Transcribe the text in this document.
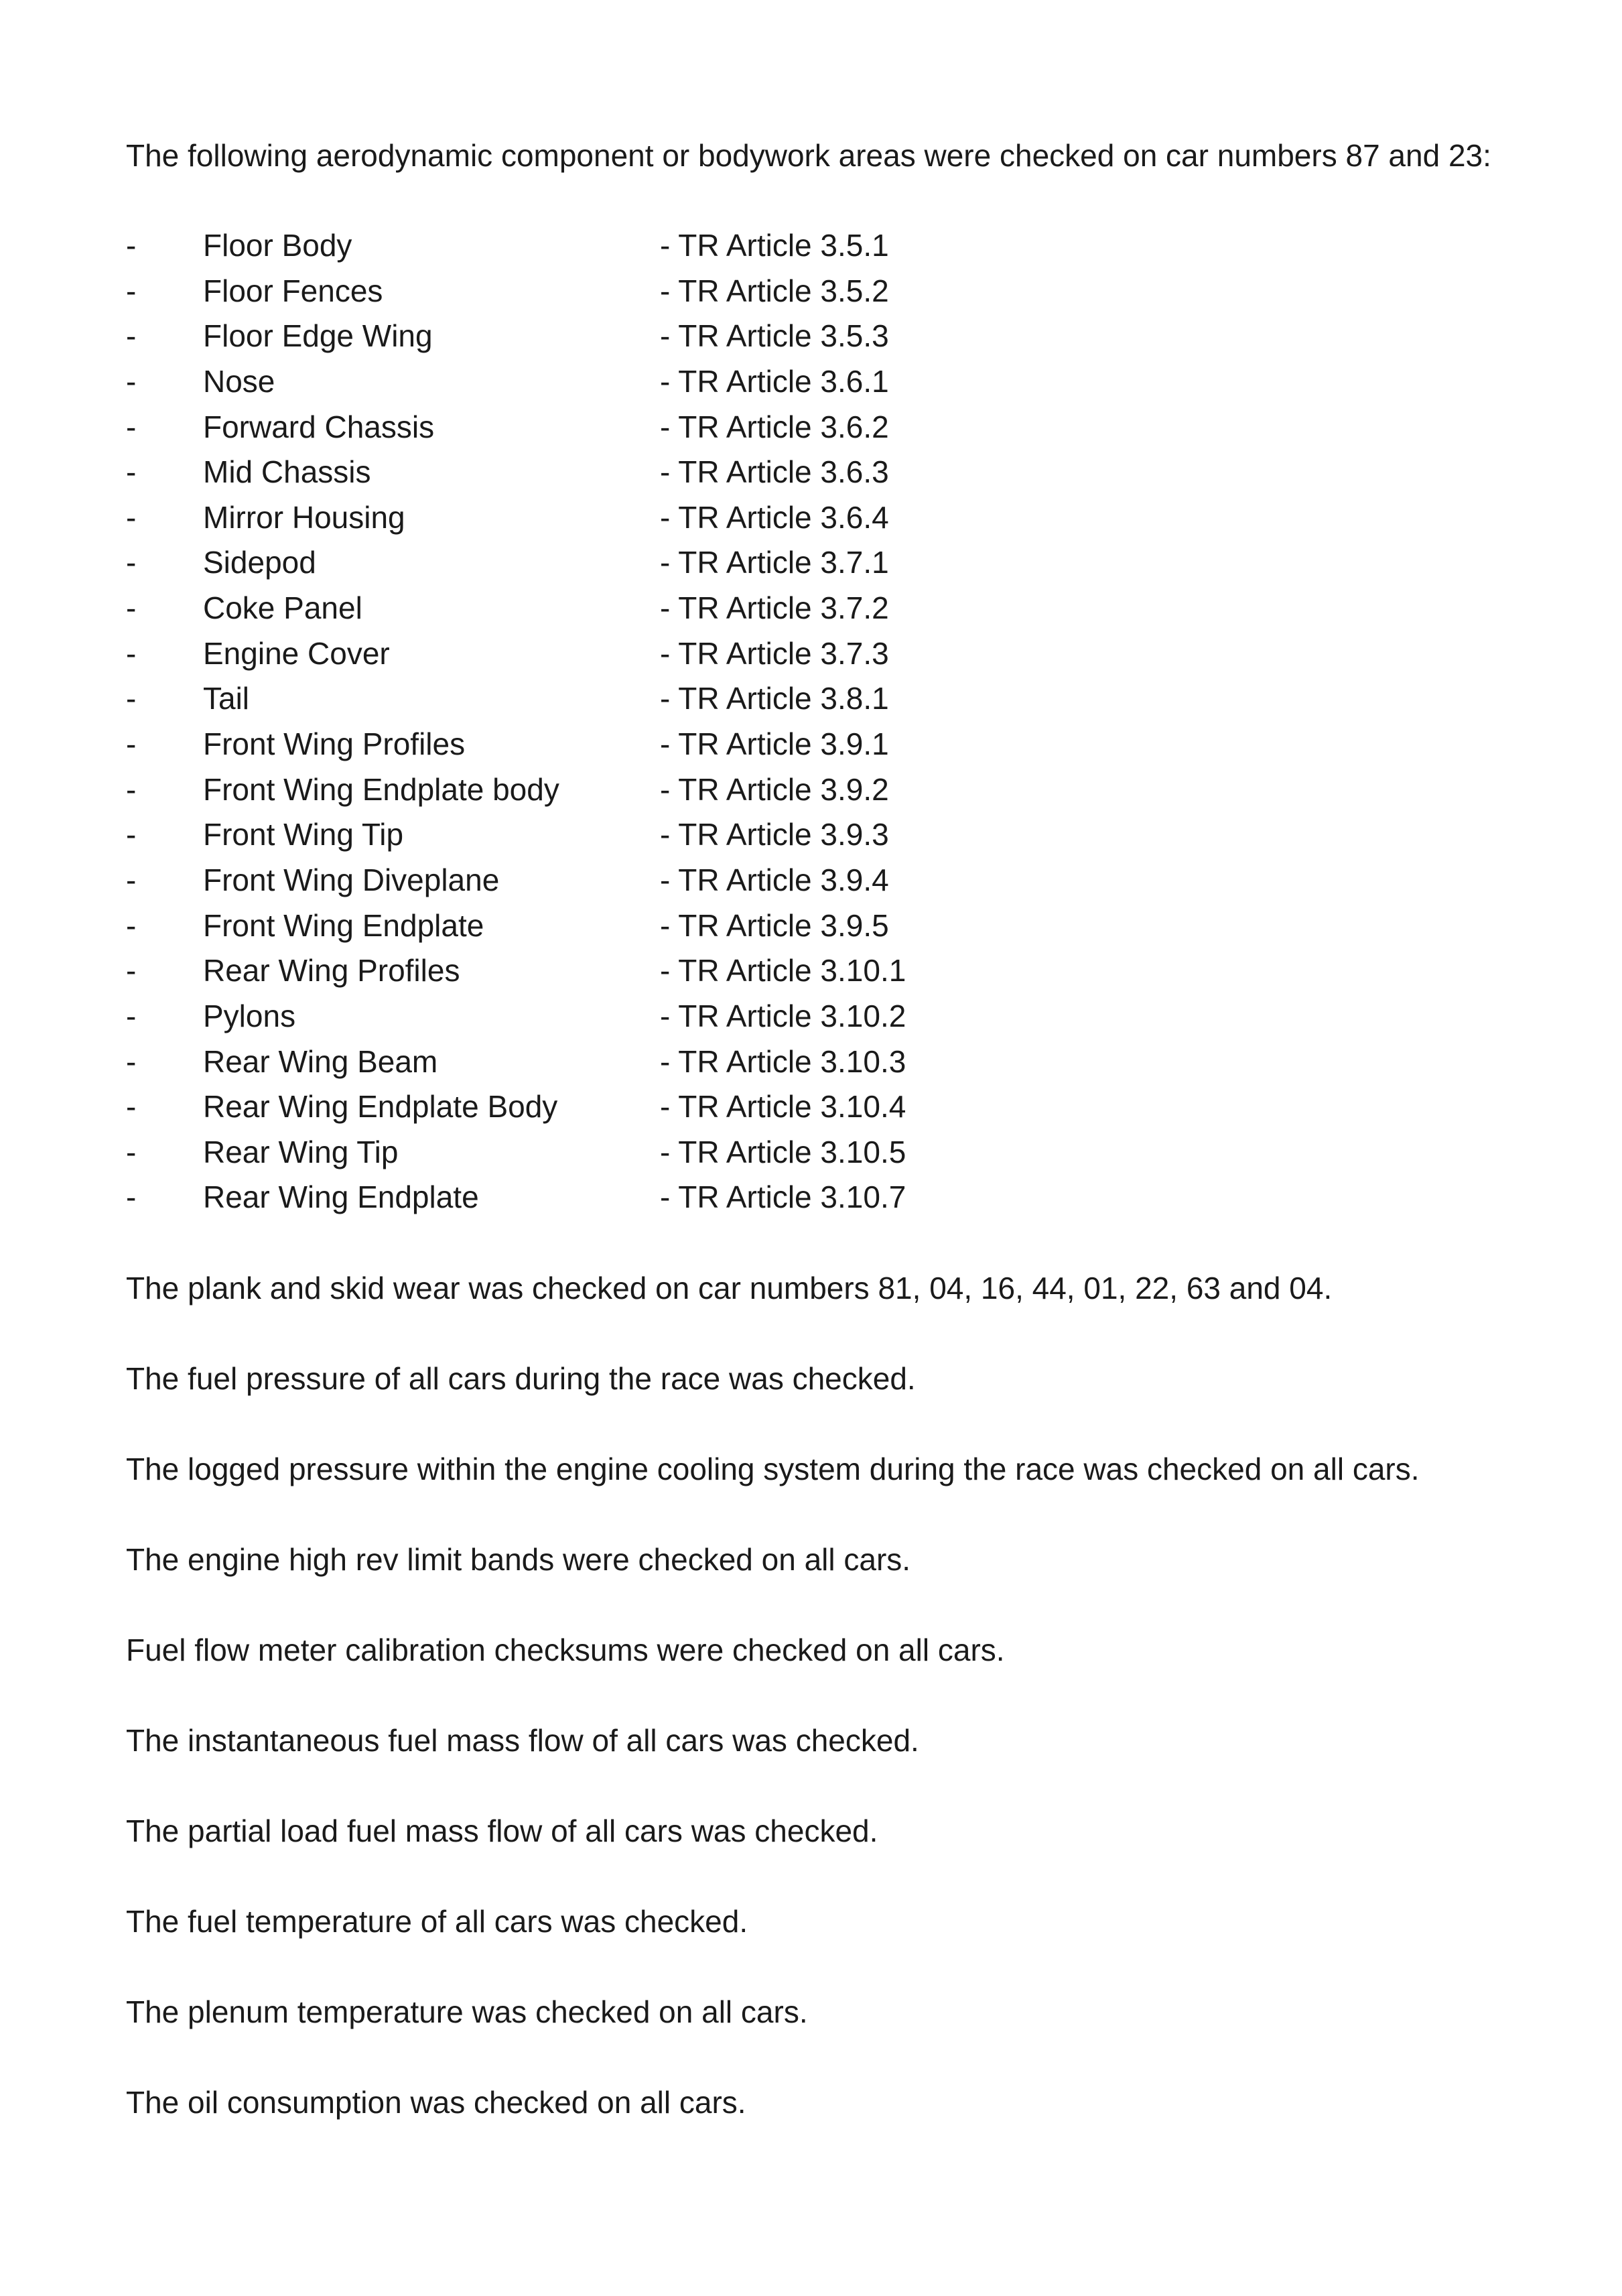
The following aerodynamic component or bodywork areas were checked on car numbers 87 and 23:

- Floor Body	- TR Article 3.5.1
- Floor Fences	- TR Article 3.5.2
- Floor Edge Wing	- TR Article 3.5.3
- Nose	- TR Article 3.6.1
- Forward Chassis	- TR Article 3.6.2
- Mid Chassis	- TR Article 3.6.3
- Mirror Housing	- TR Article 3.6.4
- Sidepod	- TR Article 3.7.1
- Coke Panel	- TR Article 3.7.2
- Engine Cover	- TR Article 3.7.3
- Tail	- TR Article 3.8.1
- Front Wing Profiles	- TR Article 3.9.1
- Front Wing Endplate body	- TR Article 3.9.2
- Front Wing Tip	- TR Article 3.9.3
- Front Wing Diveplane	- TR Article 3.9.4
- Front Wing Endplate	- TR Article 3.9.5
- Rear Wing Profiles	- TR Article 3.10.1
- Pylons	- TR Article 3.10.2
- Rear Wing Beam	- TR Article 3.10.3
- Rear Wing Endplate Body	- TR Article 3.10.4
- Rear Wing Tip	- TR Article 3.10.5
- Rear Wing Endplate	- TR Article 3.10.7

The plank and skid wear was checked on car numbers 81, 04, 16, 44, 01, 22, 63 and 04.

The fuel pressure of all cars during the race was checked.

The logged pressure within the engine cooling system during the race was checked on all cars.

The engine high rev limit bands were checked on all cars.

Fuel flow meter calibration checksums were checked on all cars.

The instantaneous fuel mass flow of all cars was checked.

The partial load fuel mass flow of all cars was checked.

The fuel temperature of all cars was checked.

The plenum temperature was checked on all cars.

The oil consumption was checked on all cars.
